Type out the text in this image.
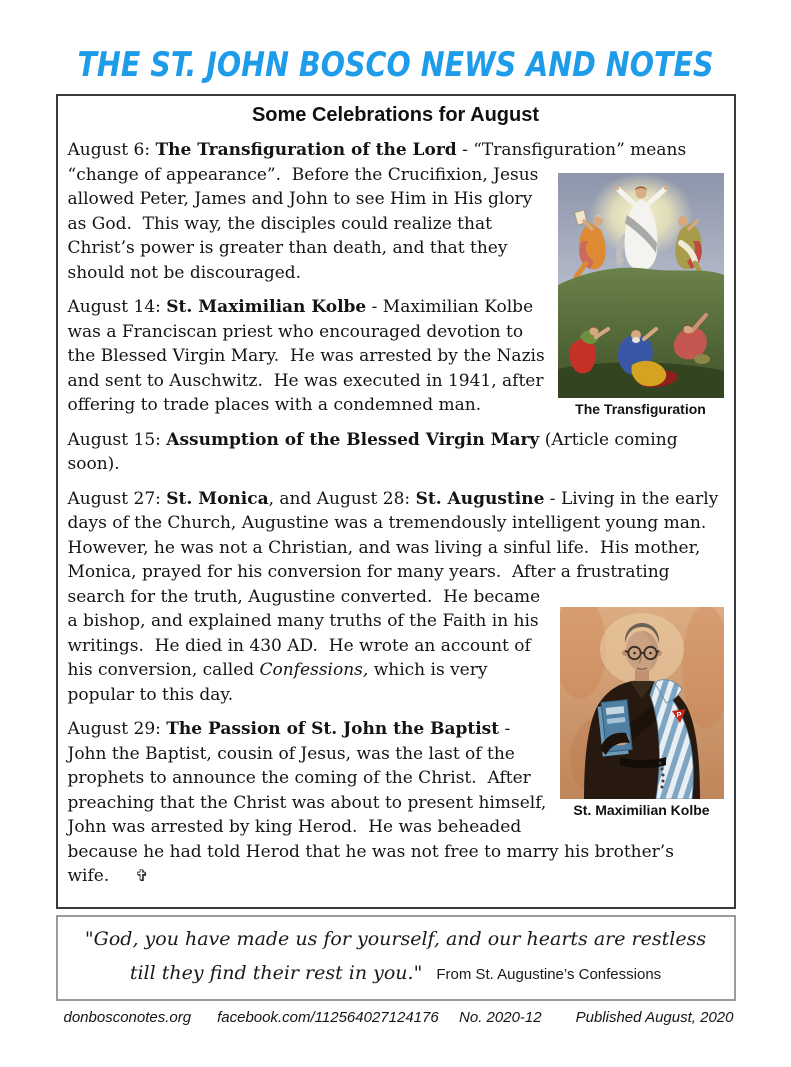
THE ST. JOHN BOSCO NEWS AND NOTES
Some Celebrations for August

The Transfiguration
August 6: The Transfiguration of the Lord - “Transfiguration” means “change of appearance”.  Before the Crucifixion, Jesus allowed Peter, James and John to see Him in His glory as God.  This way, the disciples could realize that Christ’s power is greater than death, and that they should not be discouraged.

August 14: St. Maximilian Kolbe - Maximilian Kolbe was a Franciscan priest who encouraged devotion to the Blessed Virgin Mary.  He was arrested by the Nazis and sent to Auschwitz.  He was executed in 1941, after offering to trade places with a condemned man.

August 15: Assumption of the Blessed Virgin Mary (Article coming soon).

P
St. Maximilian Kolbe
August 27: St. Monica, and August 28: St. Augustine - Living in the early days of the Church, Augustine was a tremendously intelligent young man.  However, he was not a Christian, and was living a sinful life.  His mother, Monica, prayed for his conversion for many years.  After a frustrating search for the truth, Augustine converted.  He became a bishop, and explained many truths of the Faith in his writings.  He died in 430 AD.  He wrote an account of his conversion, called Confessions, which is very popular to this day.

August 29: The Passion of St. John the Baptist - John the Baptist, cousin of Jesus, was the last of the prophets to announce the coming of the Christ.  After preaching that the Christ was about to present himself, John was arrested by king Herod.  He was beheaded because he had told Herod that he was not free to marry his brother’s wife. ✞

"God, you have made us for yourself, and our hearts are restless
till they find their rest in you." From St. Augustine’s Confessions
donbosconotes.org facebook.com/112564027124176 No. 2020-12 Published August, 2020
